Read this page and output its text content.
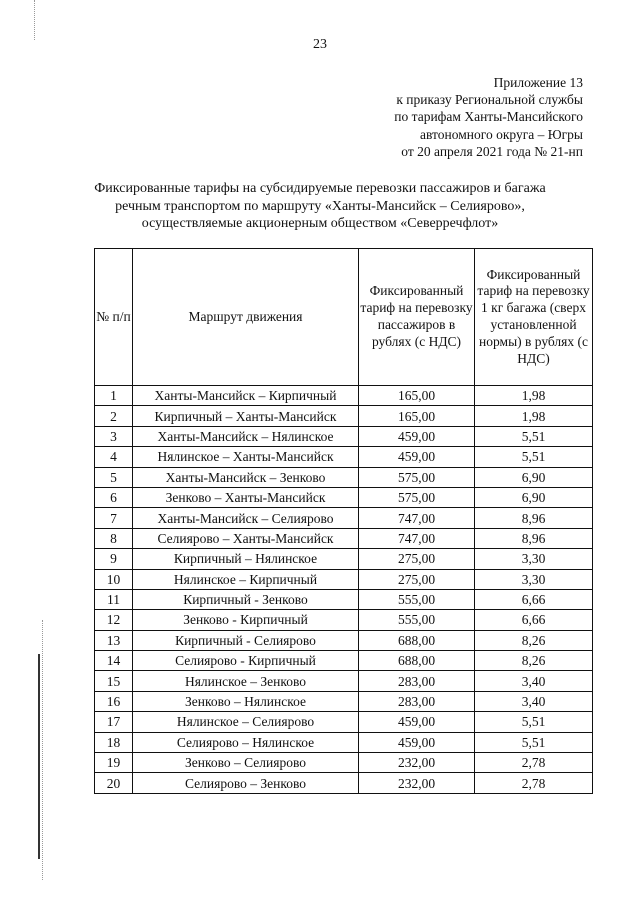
23
Приложение 13
к приказу Региональной службы
по тарифам Ханты-Мансийского
автономного округа – Югры
от 20 апреля 2021 года № 21-нп
Фиксированные тарифы на субсидируемые перевозки пассажиров и багажа
речным транспортом по маршруту «Ханты-Мансийск – Селиярово»,
осуществляемые акционерным обществом «Северречфлот»
№ п/п	Маршрут движения	Фиксированный тариф на перевозку пассажиров в рублях (с НДС)	Фиксированный тариф на перевозку 1 кг багажа (сверх установленной нормы) в рублях (с НДС)
1	Ханты-Мансийск – Кирпичный	165,00	1,98
2	Кирпичный – Ханты-Мансийск	165,00	1,98
3	Ханты-Мансийск – Нялинское	459,00	5,51
4	Нялинское – Ханты-Мансийск	459,00	5,51
5	Ханты-Мансийск – Зенково	575,00	6,90
6	Зенково – Ханты-Мансийск	575,00	6,90
7	Ханты-Мансийск – Селиярово	747,00	8,96
8	Селиярово – Ханты-Мансийск	747,00	8,96
9	Кирпичный – Нялинское	275,00	3,30
10	Нялинское – Кирпичный	275,00	3,30
11	Кирпичный - Зенково	555,00	6,66
12	Зенково - Кирпичный	555,00	6,66
13	Кирпичный - Селиярово	688,00	8,26
14	Селиярово - Кирпичный	688,00	8,26
15	Нялинское – Зенково	283,00	3,40
16	Зенково – Нялинское	283,00	3,40
17	Нялинское – Селиярово	459,00	5,51
18	Селиярово – Нялинское	459,00	5,51
19	Зенково – Селиярово	232,00	2,78
20	Селиярово – Зенково	232,00	2,78
